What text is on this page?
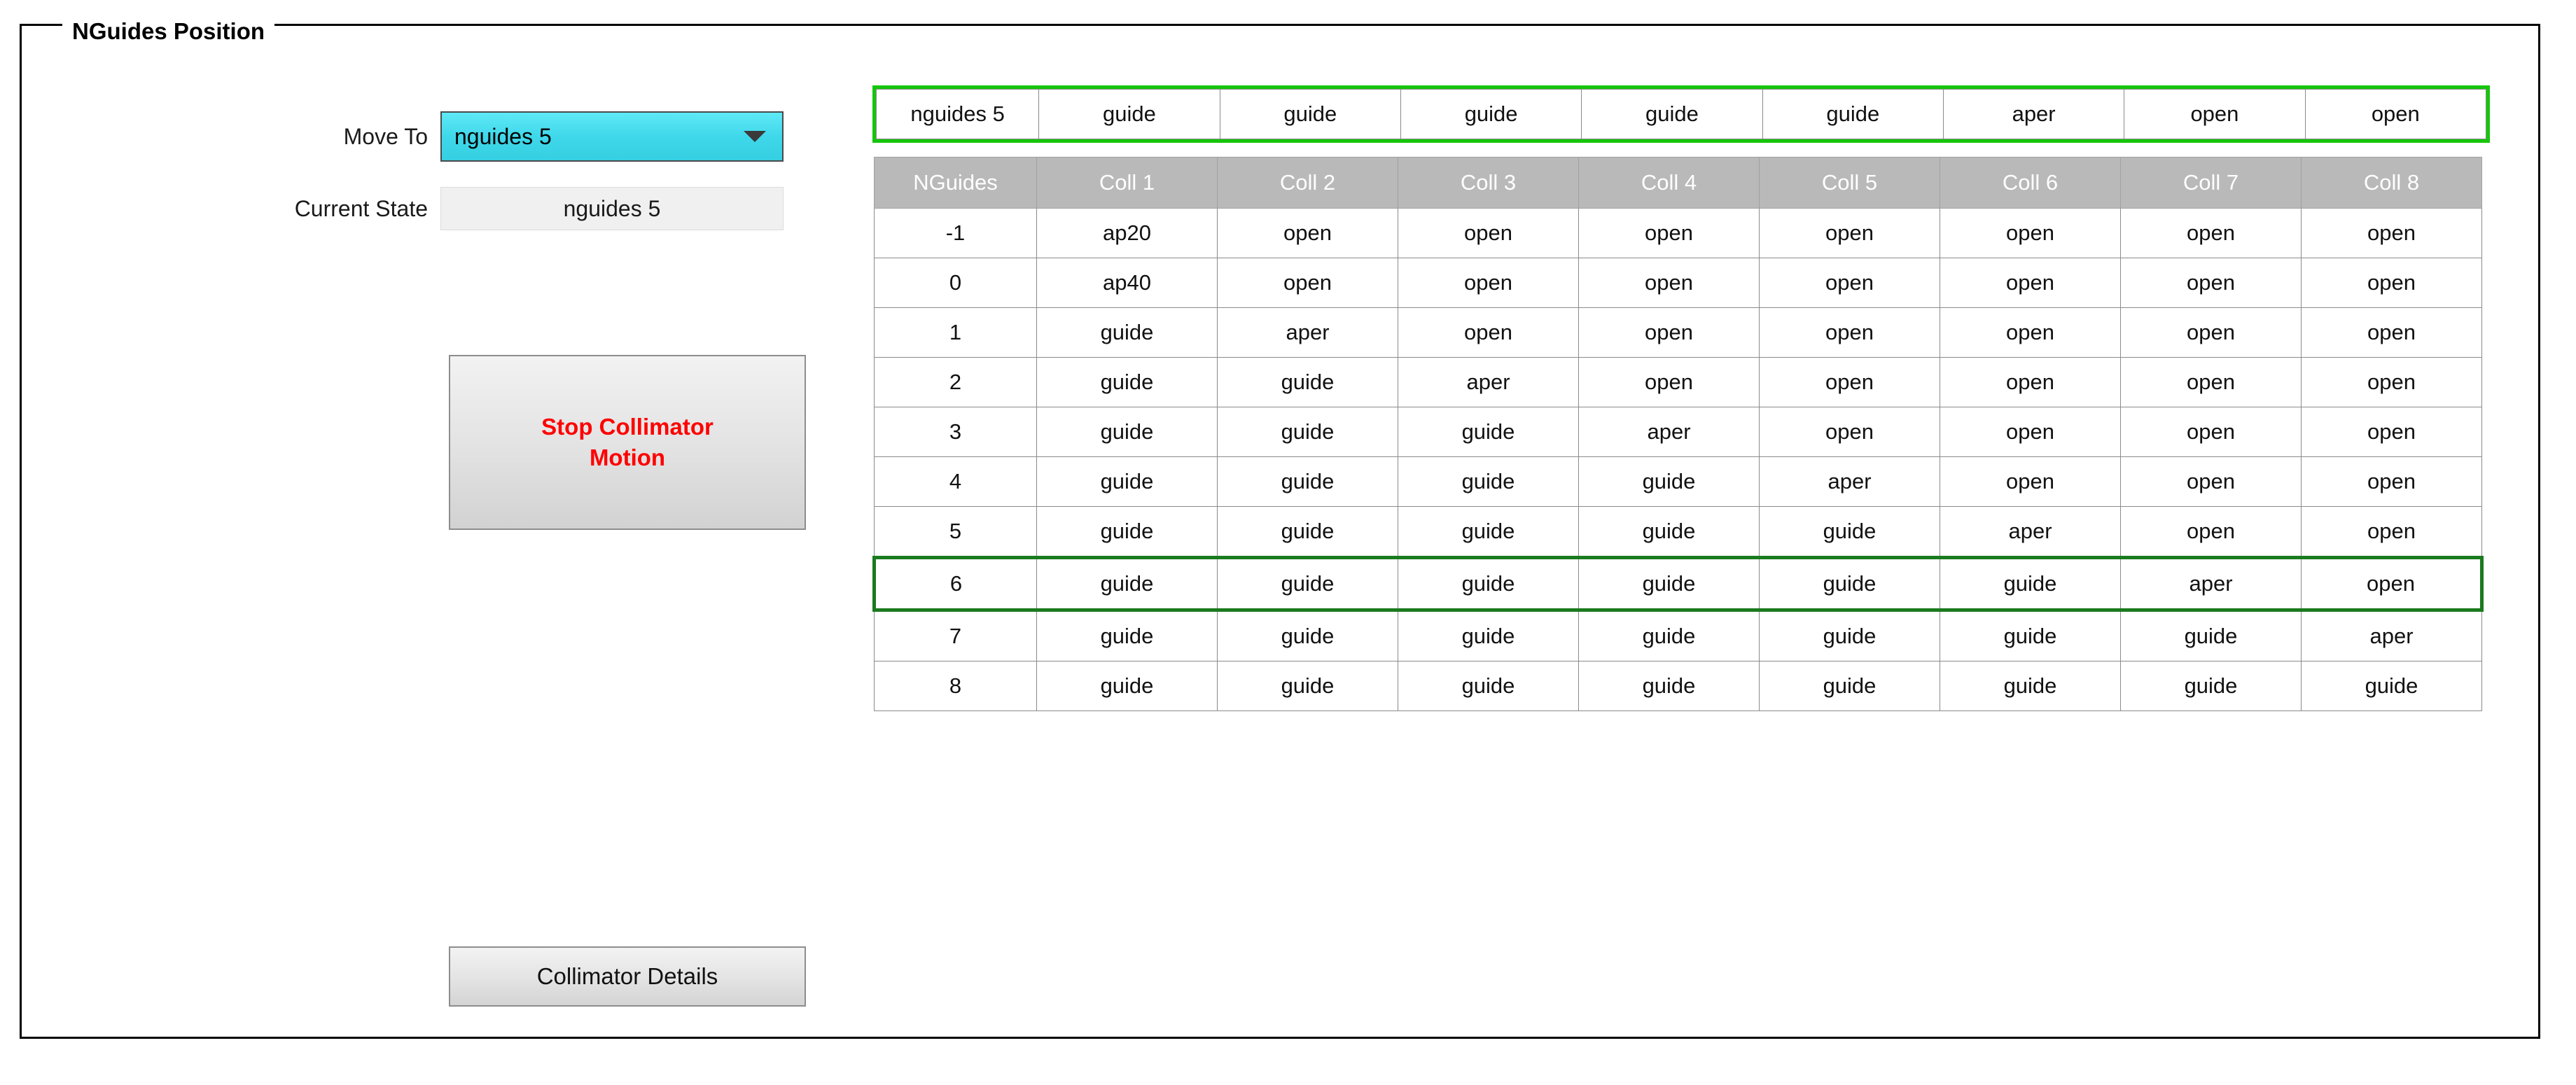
NGuides Position
Move To	nguides 5
Current State	nguides 5
Stop Collimator
Motion
Collimator Details
nguides 5	guide	guide	guide	guide	guide	aper	open	open
NGuides	Coll 1	Coll 2	Coll 3	Coll 4	Coll 5	Coll 6	Coll 7	Coll 8
-1	ap20	open	open	open	open	open	open	open
0	ap40	open	open	open	open	open	open	open
1	guide	aper	open	open	open	open	open	open
2	guide	guide	aper	open	open	open	open	open
3	guide	guide	guide	aper	open	open	open	open
4	guide	guide	guide	guide	aper	open	open	open
5	guide	guide	guide	guide	guide	aper	open	open
6	guide	guide	guide	guide	guide	guide	aper	open
7	guide	guide	guide	guide	guide	guide	guide	aper
8	guide	guide	guide	guide	guide	guide	guide	guide
